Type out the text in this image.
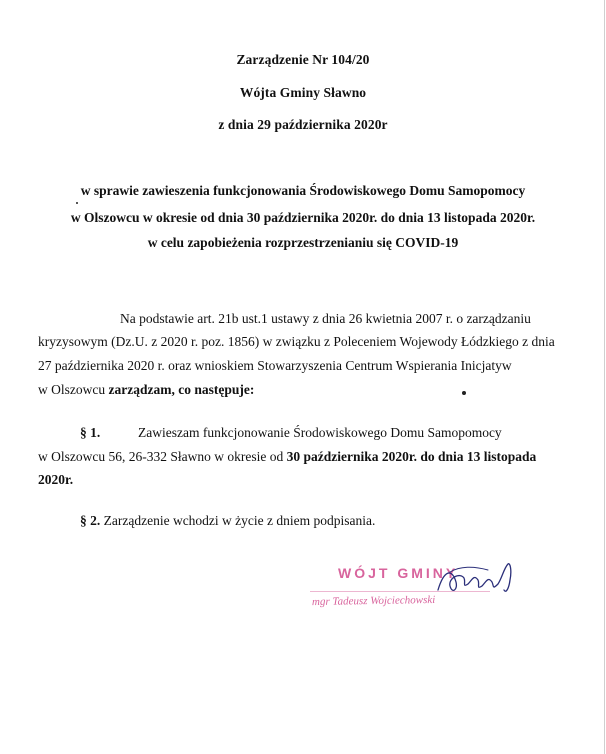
Zarządzenie Nr 104/20
Wójta Gminy Sławno
z dnia 29 października 2020r
w sprawie zawieszenia funkcjonowania Środowiskowego Domu Samopomocy
w Olszowcu w okresie od dnia 30 października 2020r. do dnia 13 listopada 2020r.
w celu zapobieżenia rozprzestrzenianiu się COVID-19
Na podstawie art. 21b ust.1 ustawy z dnia 26 kwietnia 2007 r. o zarządzaniu
kryzysowym (Dz.U. z 2020 r. poz. 1856) w związku z Poleceniem Wojewody Łódzkiego z dnia
27 października 2020 r. oraz wnioskiem Stowarzyszenia Centrum Wspierania Inicjatyw
w Olszowcu zarządzam, co następuje:
§ 1.	Zawieszam funkcjonowanie Środowiskowego Domu Samopomocy
w Olszowcu 56, 26-332 Sławno w okresie od 30 października 2020r. do dnia 13 listopada
2020r.
§ 2. Zarządzenie wchodzi w życie z dniem podpisania.
WÓJT GMINY
mgr Tadeusz Wojciechowski
